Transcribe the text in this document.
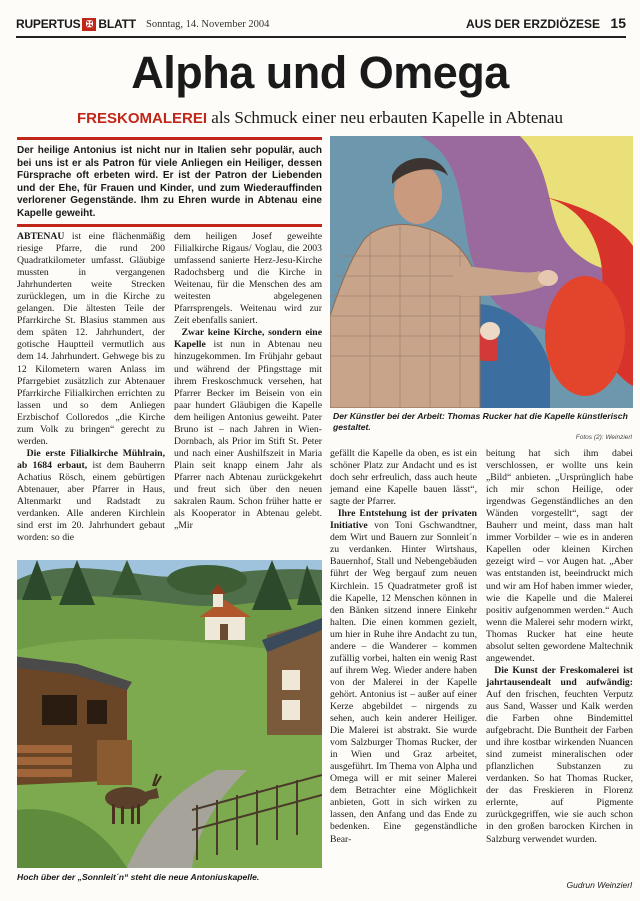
RUPERTUS ✠ BLATT Sonntag, 14. November 2004	AUS DER ERZDIÖZESE 15
Alpha und Omega
FRESKOMALEREI als Schmuck einer neu erbauten Kapelle in Abtenau
Der heilige Antonius ist nicht nur in Italien sehr populär, auch bei uns ist er als Patron für viele Anliegen ein Heiliger, dessen Fürsprache oft erbeten wird. Er ist der Patron der Liebenden und der Ehe, für Frauen und Kinder, und zum Wiederauffinden verlorener Gegenstände. Ihm zu Ehren wurde in Abtenau eine Kapelle geweiht.

ABTENAU ist eine flächenmäßig riesige Pfarre, die rund 200 Quadratkilometer umfasst. Gläubige mussten in vergangenen Jahrhunderten weite Strecken zurücklegen, um in die Kirche zu gelangen. Die ältesten Teile der Pfarrkirche St. Blasius stammen aus dem späten 12. Jahrhundert, der gotische Hauptteil vermutlich aus dem 14. Jahrhundert. Gehwege bis zu 12 Kilometern waren Anlass im Pfarrgebiet zusätzlich zur Abtenauer Pfarrkirche Filialkirchen errichten zu lassen und so dem Anliegen Erzbischof Colloredos „die Kirche zum Volk zu bringen“ gerecht zu werden.

Die erste Filialkirche Mühlrain, ab 1684 erbaut, ist dem Bauherrn Achatius Rösch, einem gebürtigen Abtenauer, aber Pfarrer in Haus, Altenmarkt und Radstadt zu verdanken. Alle anderen Kirchlein sind erst im 20. Jahrhundert gebaut worden: so die

dem heiligen Josef geweihte Filialkirche Rigaus/ Voglau, die 2003 umfassend sanierte Herz-Jesu-Kirche Radochsberg und die Kirche in Weitenau, für die Menschen des am weitesten abgelegenen Pfarrsprengels. Weitenau wird zur Zeit ebenfalls saniert.

Zwar keine Kirche, sondern eine Kapelle ist nun in Abtenau neu hinzugekommen. Im Frühjahr gebaut und während der Pfingsttage mit ihrem Freskoschmuck versehen, hat Pfarrer Becker im Beisein von ein paar hundert Gläubigen die Kapelle dem heiligen Antonius geweiht. Pater Bruno ist – nach Jahren in Wien-Dornbach, als Prior im Stift St. Peter und nach einer Aushilfszeit in Maria Plain seit knapp einem Jahr als Pfarrer nach Abtenau zurückgekehrt und freut sich über den neuen sakralen Raum. Schon früher hatte er als Kooperator in Abtenau gelebt. „Mir

Der Künstler bei der Arbeit: Thomas Rucker hat die Kapelle künstlerisch gestaltet.
Fotos (2): Weinzierl

gefällt die Kapelle da oben, es ist ein schöner Platz zur Andacht und es ist doch sehr erfreulich, dass auch heute jemand eine Kapelle bauen lässt“, sagte der Pfarrer.

Ihre Entstehung ist der privaten Initiative von Toni Gschwandtner, dem Wirt und Bauern zur Sonnleit´n zu verdanken. Hinter Wirtshaus, Bauernhof, Stall und Nebengebäuden führt der Weg bergauf zum neuen Kirchlein. 15 Quadratmeter groß ist die Kapelle, 12 Menschen können in den Bänken sitzend innere Einkehr halten. Die einen kommen gezielt, um hier in Ruhe ihre Andacht zu tun, andere – die Wanderer – kommen zufällig vorbei, halten ein wenig Rast auf ihrem Weg. Wieder andere haben von der Malerei in der Kapelle gehört. Antonius ist – außer auf einer Kerze abgebildet – nirgends zu sehen, auch kein anderer Heiliger. Die Malerei ist abstrakt. Sie wurde vom Salzburger Thomas Rucker, der in Wien und Graz arbeitet, ausgeführt. Im Thema von Alpha und Omega will er mit seiner Malerei dem Betrachter eine Möglichkeit anbieten, Gott in sich wirken zu lassen, den Anfang und das Ende zu bedenken. Eine gegenständliche Bear-

beitung hat sich ihm dabei verschlossen, er wollte uns kein „Bild“ anbieten. „Ursprünglich habe ich mir schon Heilige, oder irgendwas Gegenständliches an den Wänden vorgestellt“, sagt der Bauherr und meint, dass man halt immer Vorbilder – wie es in anderen Kapellen oder kleinen Kirchen gezeigt wird – vor Augen hat. „Aber was entstanden ist, beeindruckt mich und wir am Hof haben immer wieder, wie die Kapelle und die Malerei positiv aufgenommen werden.“ Auch wenn die Malerei sehr modern wirkt, Thomas Rucker hat eine heute absolut selten gewordene Maltechnik angewendet.

Die Kunst der Freskomalerei ist jahrtausendealt und aufwändig: Auf den frischen, feuchten Verputz aus Sand, Wasser und Kalk werden die Farben ohne Bindemittel aufgebracht. Die Buntheit der Farben und ihre kostbar wirkenden Nuancen sind zumeist mineralischen oder pflanzlichen Substanzen zu verdanken. So hat Thomas Rucker, der das Freskieren in Florenz erlernte, auf Pigmente zurückgegriffen, wie sie auch schon in den großen barocken Kirchen in Salzburg verwendet wurden.

Hoch über der „Sonnleit´n“ steht die neue Antoniuskapelle.
Gudrun Weinzierl
